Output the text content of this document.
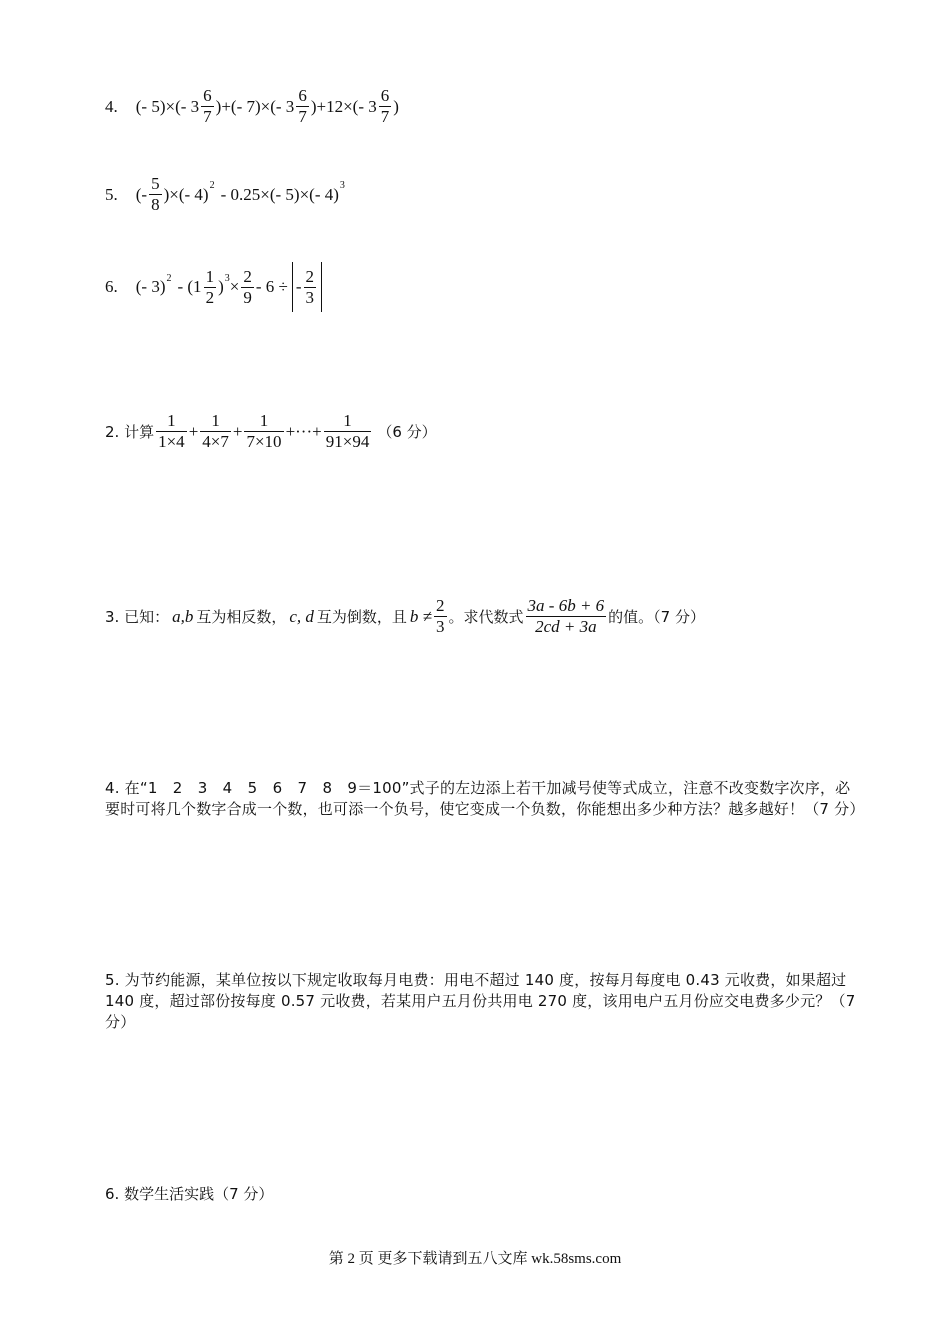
4. (- 5) × (- $3 \frac{6}{7}$ )+ (- 7) × (- $3 \frac{6}{7}$ ) +12 × (- $3 \frac{6}{7}$ )
5. (- $\frac{5}{8}$ )× (- 4) 2 - 0.25 × (- 5) × (- 4) 3
6. (- 3) $2 - (1 \frac{1}{2}$ ) $3 \times \frac{2}{9} - 6$ ÷ - $\frac{2}{3}$
2. 计算 $\frac{1}{1\times 4} + \frac{1}{4\times 7} + \frac{1}{7\times 10}$ +···+ $\frac{1}{91\times 94} (6$ 分）
3. 已知： a,b 互为相反数， c, d 互为倒数，且 $b \ne \frac{2}{3}$ 。求代数式 $\frac{3a - 6b + 6}{2cd + 3a}$ 的值。（7 分）
4. 在“1　2　3　4　5　6　7　8　9＝100”式子的左边添上若干加减号使等式成立，注意不改变数字次序，必要时可将几个数字合成一个数，也可添一个负号，使它变成一个负数，你能想出多少种方法？越多越好！（7 分）
5. 为节约能源，某单位按以下规定收取每月电费：用电不超过 140 度，按每月每度电 0.43 元收费，如果超过 140 度，超过部份按每度 0.57 元收费，若某用户五月份共用电 270 度，该用电户五月份应交电费多少元？（7 分）
6. 数学生活实践（7 分）
第 2 页 更多下载请到五八文库 wk.58sms.com
